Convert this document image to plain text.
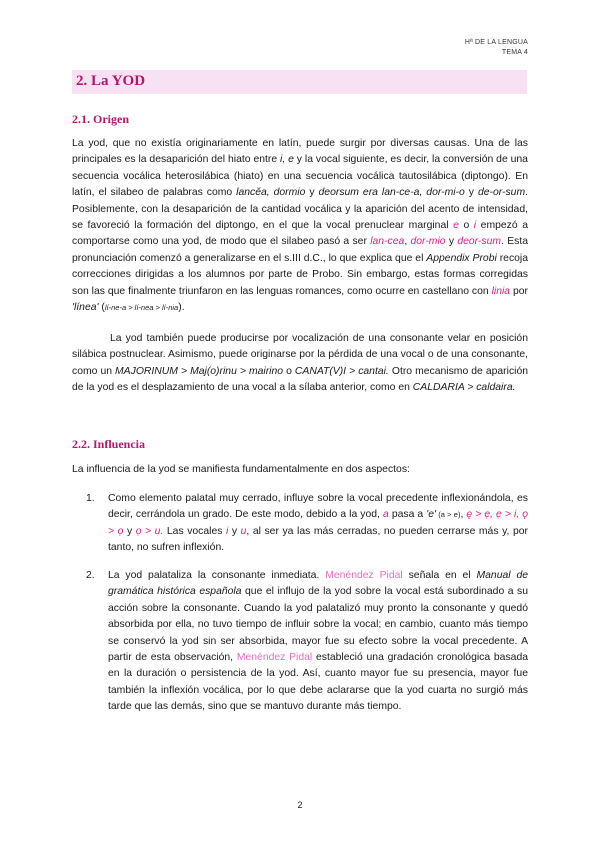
Hª DE LA LENGUA
TEMA 4
2. La YOD
2.1. Origen

La yod, que no existía originariamente en latín, puede surgir por diversas causas. Una de las principales es la desaparición del hiato entre i, e y la vocal siguiente, es decir, la conversión de una secuencia vocálica heterosilábica (hiato) en una secuencia vocálica tautosilábica (diptongo). En latín, el silabeo de palabras como lancĕa, dormio y deorsum era lan-ce-a, dor-mi-o y de-or-sum. Posiblemente, con la desaparición de la cantidad vocálica y la aparición del acento de intensidad, se favoreció la formación del diptongo, en el que la vocal prenuclear marginal e o i empezó a comportarse como una yod, de modo que el silabeo pasó a ser lan-cea, dor-mio y deor-sum. Esta pronunciación comenzó a generalizarse en el s.III d.C., lo que explica que el Appendix Probi recoja correcciones dirigidas a los alumnos por parte de Probo. Sin embargo, estas formas corregidas son las que finalmente triunfaron en las lenguas romances, como ocurre en castellano con linia por 'línea' (lí-ne-a > lí-nea > lí-nia).

La yod también puede producirse por vocalización de una consonante velar en posición silábica postnuclear. Asimismo, puede originarse por la pérdida de una vocal o de una consonante, como un MAJORINUM > Maj(o)rinu > mairino o CANAT(V)I > cantai. Otro mecanismo de aparición de la yod es el desplazamiento de una vocal a la sílaba anterior, como en CALDARIA > caldaira.

2.2. Influencia

La influencia de la yod se manifiesta fundamentalmente en dos aspectos:

1.	Como elemento palatal muy cerrado, influye sobre la vocal precedente inflexionándola, es decir, cerrándola un grado. De este modo, debido a la yod, a pasa a 'e' (a > e), ę > ẹ, ẹ > i, ǫ > ọ y ọ > u. Las vocales i y u, al ser ya las más cerradas, no pueden cerrarse más y, por tanto, no sufren inflexión.

2.	La yod palataliza la consonante inmediata. Menéndez Pidal señala en el Manual de gramática histórica española que el influjo de la yod sobre la vocal está subordinado a su acción sobre la consonante. Cuando la yod palatalizó muy pronto la consonante y quedó absorbida por ella, no tuvo tiempo de influir sobre la vocal; en cambio, cuanto más tiempo se conservó la yod sin ser absorbida, mayor fue su efecto sobre la vocal precedente. A partir de esta observación, Menéndez Pidal estableció una gradación cronológica basada en la duración o persistencia de la yod. Así, cuanto mayor fue su presencia, mayor fue también la inflexión vocálica, por lo que debe aclararse que la yod cuarta no surgió más tarde que las demás, sino que se mantuvo durante más tiempo.

2
